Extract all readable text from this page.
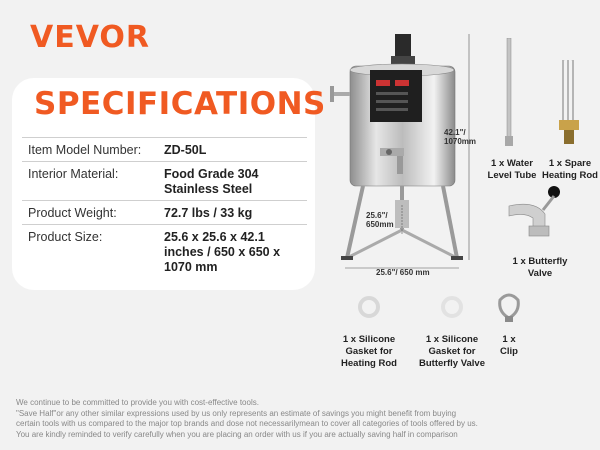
VEVOR
SPECIFICATIONS
Item Model Number:	ZD-50L
Interior Material:	Food Grade 304 Stainless Steel
Product Weight:	72.7 lbs / 33 kg
Product Size:	25.6 x 25.6 x 42.1 inches / 650 x 650 x 1070 mm
42.1"/ 1070mm
25.6"/ 650mm
25.6"/ 650 mm
1 x Water Level Tube
1 x Spare Heating Rod
1 x Butterfly Valve
1 x Silicone Gasket for Heating Rod
1 x Silicone Gasket for Butterfly Valve
1 x Clip
We continue to be committed to provide you with cost-effective tools.
"Save Half"or any other similar expressions used by us only represents an estimate of savings you might benefit from buying
certain tools with us compared to the major top brands and dose not necessarilymean to cover all categories of tools offered by us.
You are kindly reminded to verify carefully when you are placing an order with us if you are actually saving half in comparison
